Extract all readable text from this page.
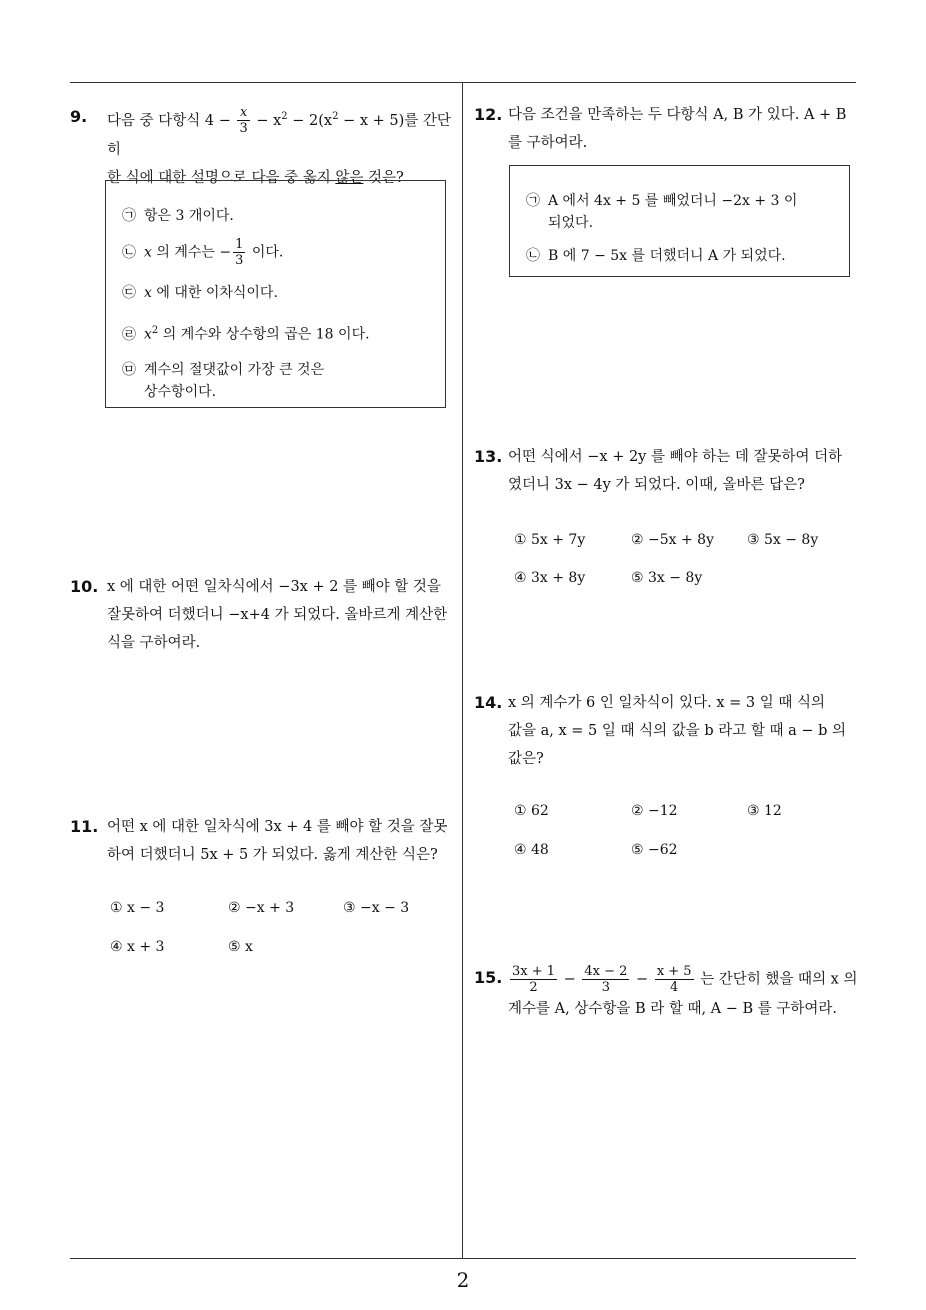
2
9.	다음 중 다항식 $4 - \frac{x}{3} - x^2 - 2(x^2 - x + 5)$를 간단히
한 식에 대한 설명으로 다음 중 옳지 않은 것은?
㉠ 항은 3 개이다.
㉡ x 의 계수는 − $\frac{1}{3}$ 이다.
㉢ x 에 대한 이차식이다.
㉣ $x^2$ 의 계수와 상수항의 곱은 18 이다.
㉤ 계수의 절댓값이 가장 큰 것은
상수항이다.
10. x 에 대한 어떤 일차식에서 −3x + 2 를 빼야 할 것을
잘못하여 더했더니 −x+4 가 되었다. 올바르게 계산한
식을 구하여라.
11. 어떤 x 에 대한 일차식에 3x + 4 를 빼야 할 것을 잘못
하여 더했더니 5x + 5 가 되었다. 옳게 계산한 식은?
① x − 3	② −x + 3	③ −x − 3
④ x + 3	⑤ x
12. 다음 조건을 만족하는 두 다항식 A, B 가 있다. A + B
를 구하여라.
㉠ A 에서 4x + 5 를 빼었더니 −2x + 3 이
되었다.
㉡ B 에 7 − 5x 를 더했더니 A 가 되었다.
13. 어떤 식에서 −x + 2y 를 빼야 하는 데 잘못하여 더하
였더니 3x − 4y 가 되었다. 이때, 올바른 답은?
① 5x + 7y	② −5x + 8y ③ 5x − 8y
④ 3x + 8y	⑤ 3x − 8y
14. x 의 계수가 6 인 일차식이 있다. x = 3 일 때 식의
값을 a, x = 5 일 때 식의 값을 b 라고 할 때 a − b 의
값은?
① 62	② −12	③ 12
④ 48	⑤ −62
15. $\frac{3x + 1}{2} - \frac{4x - 2}{3} - \frac{x + 5}{4}$ 는 간단히 했을 때의 x 의
계수를 A, 상수항을 B 라 할 때, A − B 를 구하여라.
